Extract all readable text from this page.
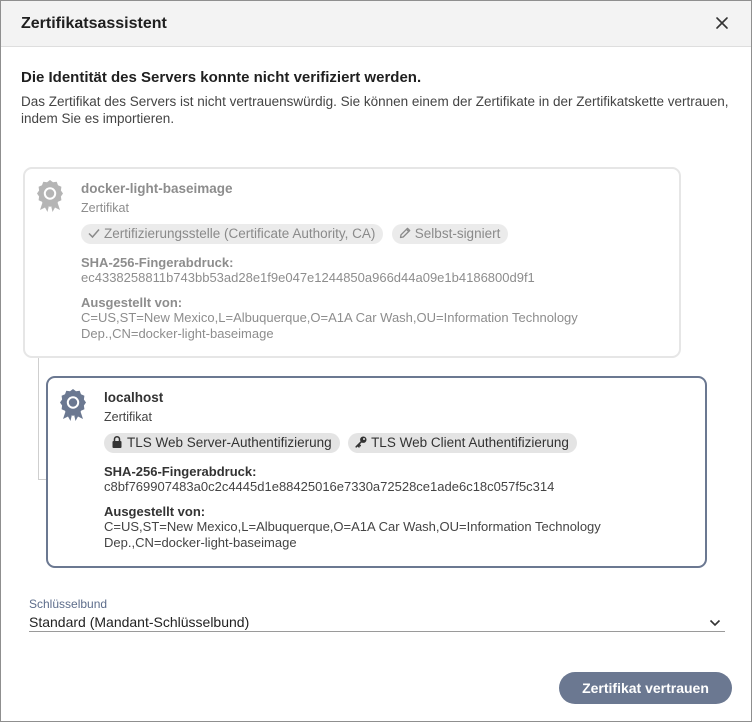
Zertifikatsassistent
Die Identität des Servers konnte nicht verifiziert werden.
Das Zertifikat des Servers ist nicht vertrauenswürdig. Sie können einem der Zertifikate in der Zertifikatskette vertrauen, indem Sie es importieren.
docker-light-baseimage
Zertifikat
Zertifizierungsstelle (Certificate Authority, CA)	Selbst-signiert
SHA-256-Fingerabdruck:
ec4338258811b743bb53ad28e1f9e047e1244850a966d44a09e1b4186800d9f1
Ausgestellt von:
C=US,ST=New Mexico,L=Albuquerque,O=A1A Car Wash,OU=Information Technology
Dep.,CN=docker-light-baseimage
localhost
Zertifikat
TLS Web Server-Authentifizierung	TLS Web Client Authentifizierung
SHA-256-Fingerabdruck:
c8bf769907483a0c2c4445d1e88425016e7330a72528ce1ade6c18c057f5c314
Ausgestellt von:
C=US,ST=New Mexico,L=Albuquerque,O=A1A Car Wash,OU=Information Technology
Dep.,CN=docker-light-baseimage
Schlüsselbund
Standard (Mandant-Schlüsselbund)
Zertifikat vertrauen
